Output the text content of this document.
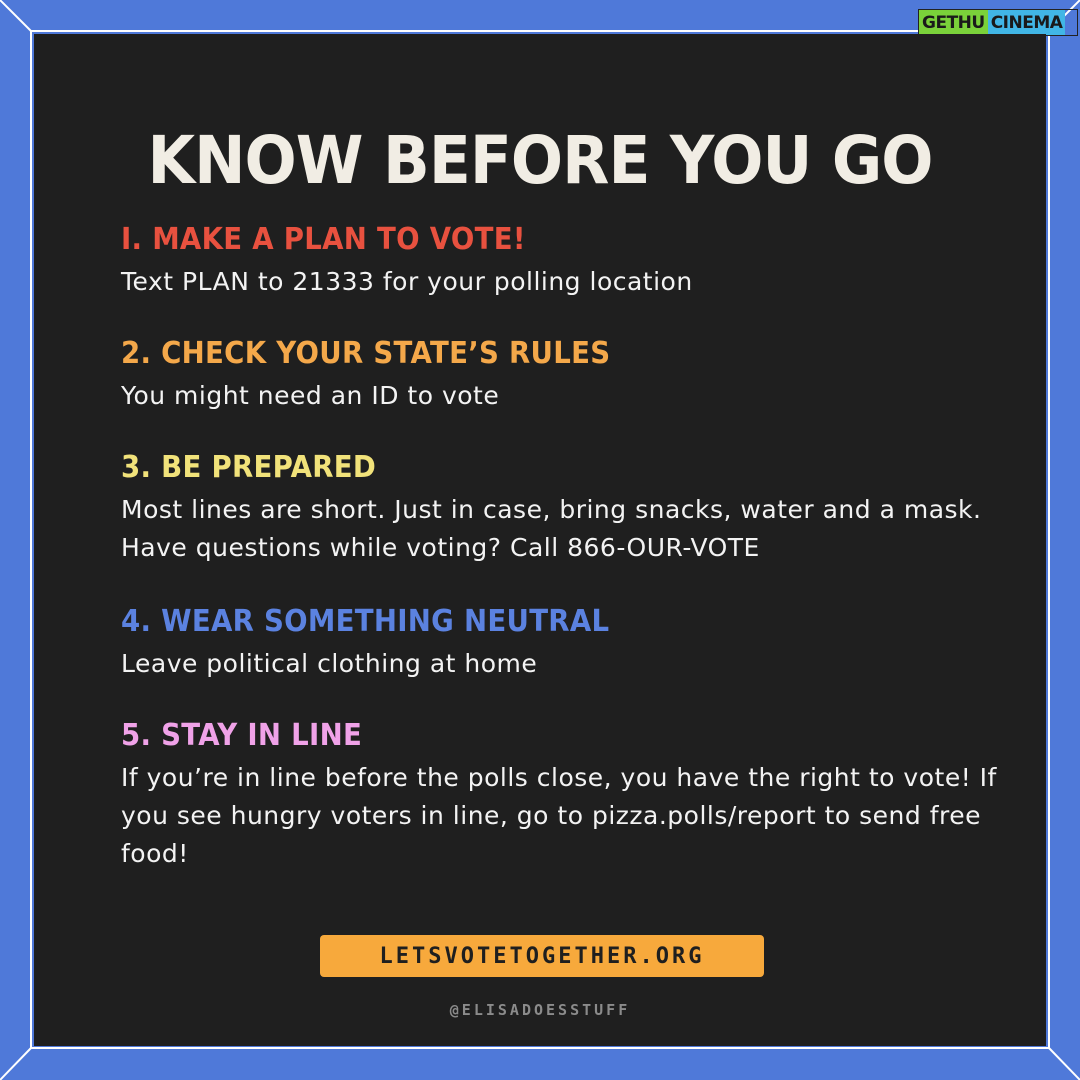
GETHU CINEMA
KNOW BEFORE YOU GO

I. MAKE A PLAN TO VOTE!

Text PLAN to 21333 for your polling location

2. CHECK YOUR STATE’S RULES

You might need an ID to vote

3. BE PREPARED

Most lines are short. Just in case, bring snacks, water and a mask. Have questions while voting? Call 866-OUR-VOTE

4. WEAR SOMETHING NEUTRAL

Leave political clothing at home

5. STAY IN LINE

If you’re in line before the polls close, you have the right to vote! If you see hungry voters in line, go to pizza.polls/report to send free food!
LETSVOTETOGETHER.ORG
@ELISADOESSTUFF
